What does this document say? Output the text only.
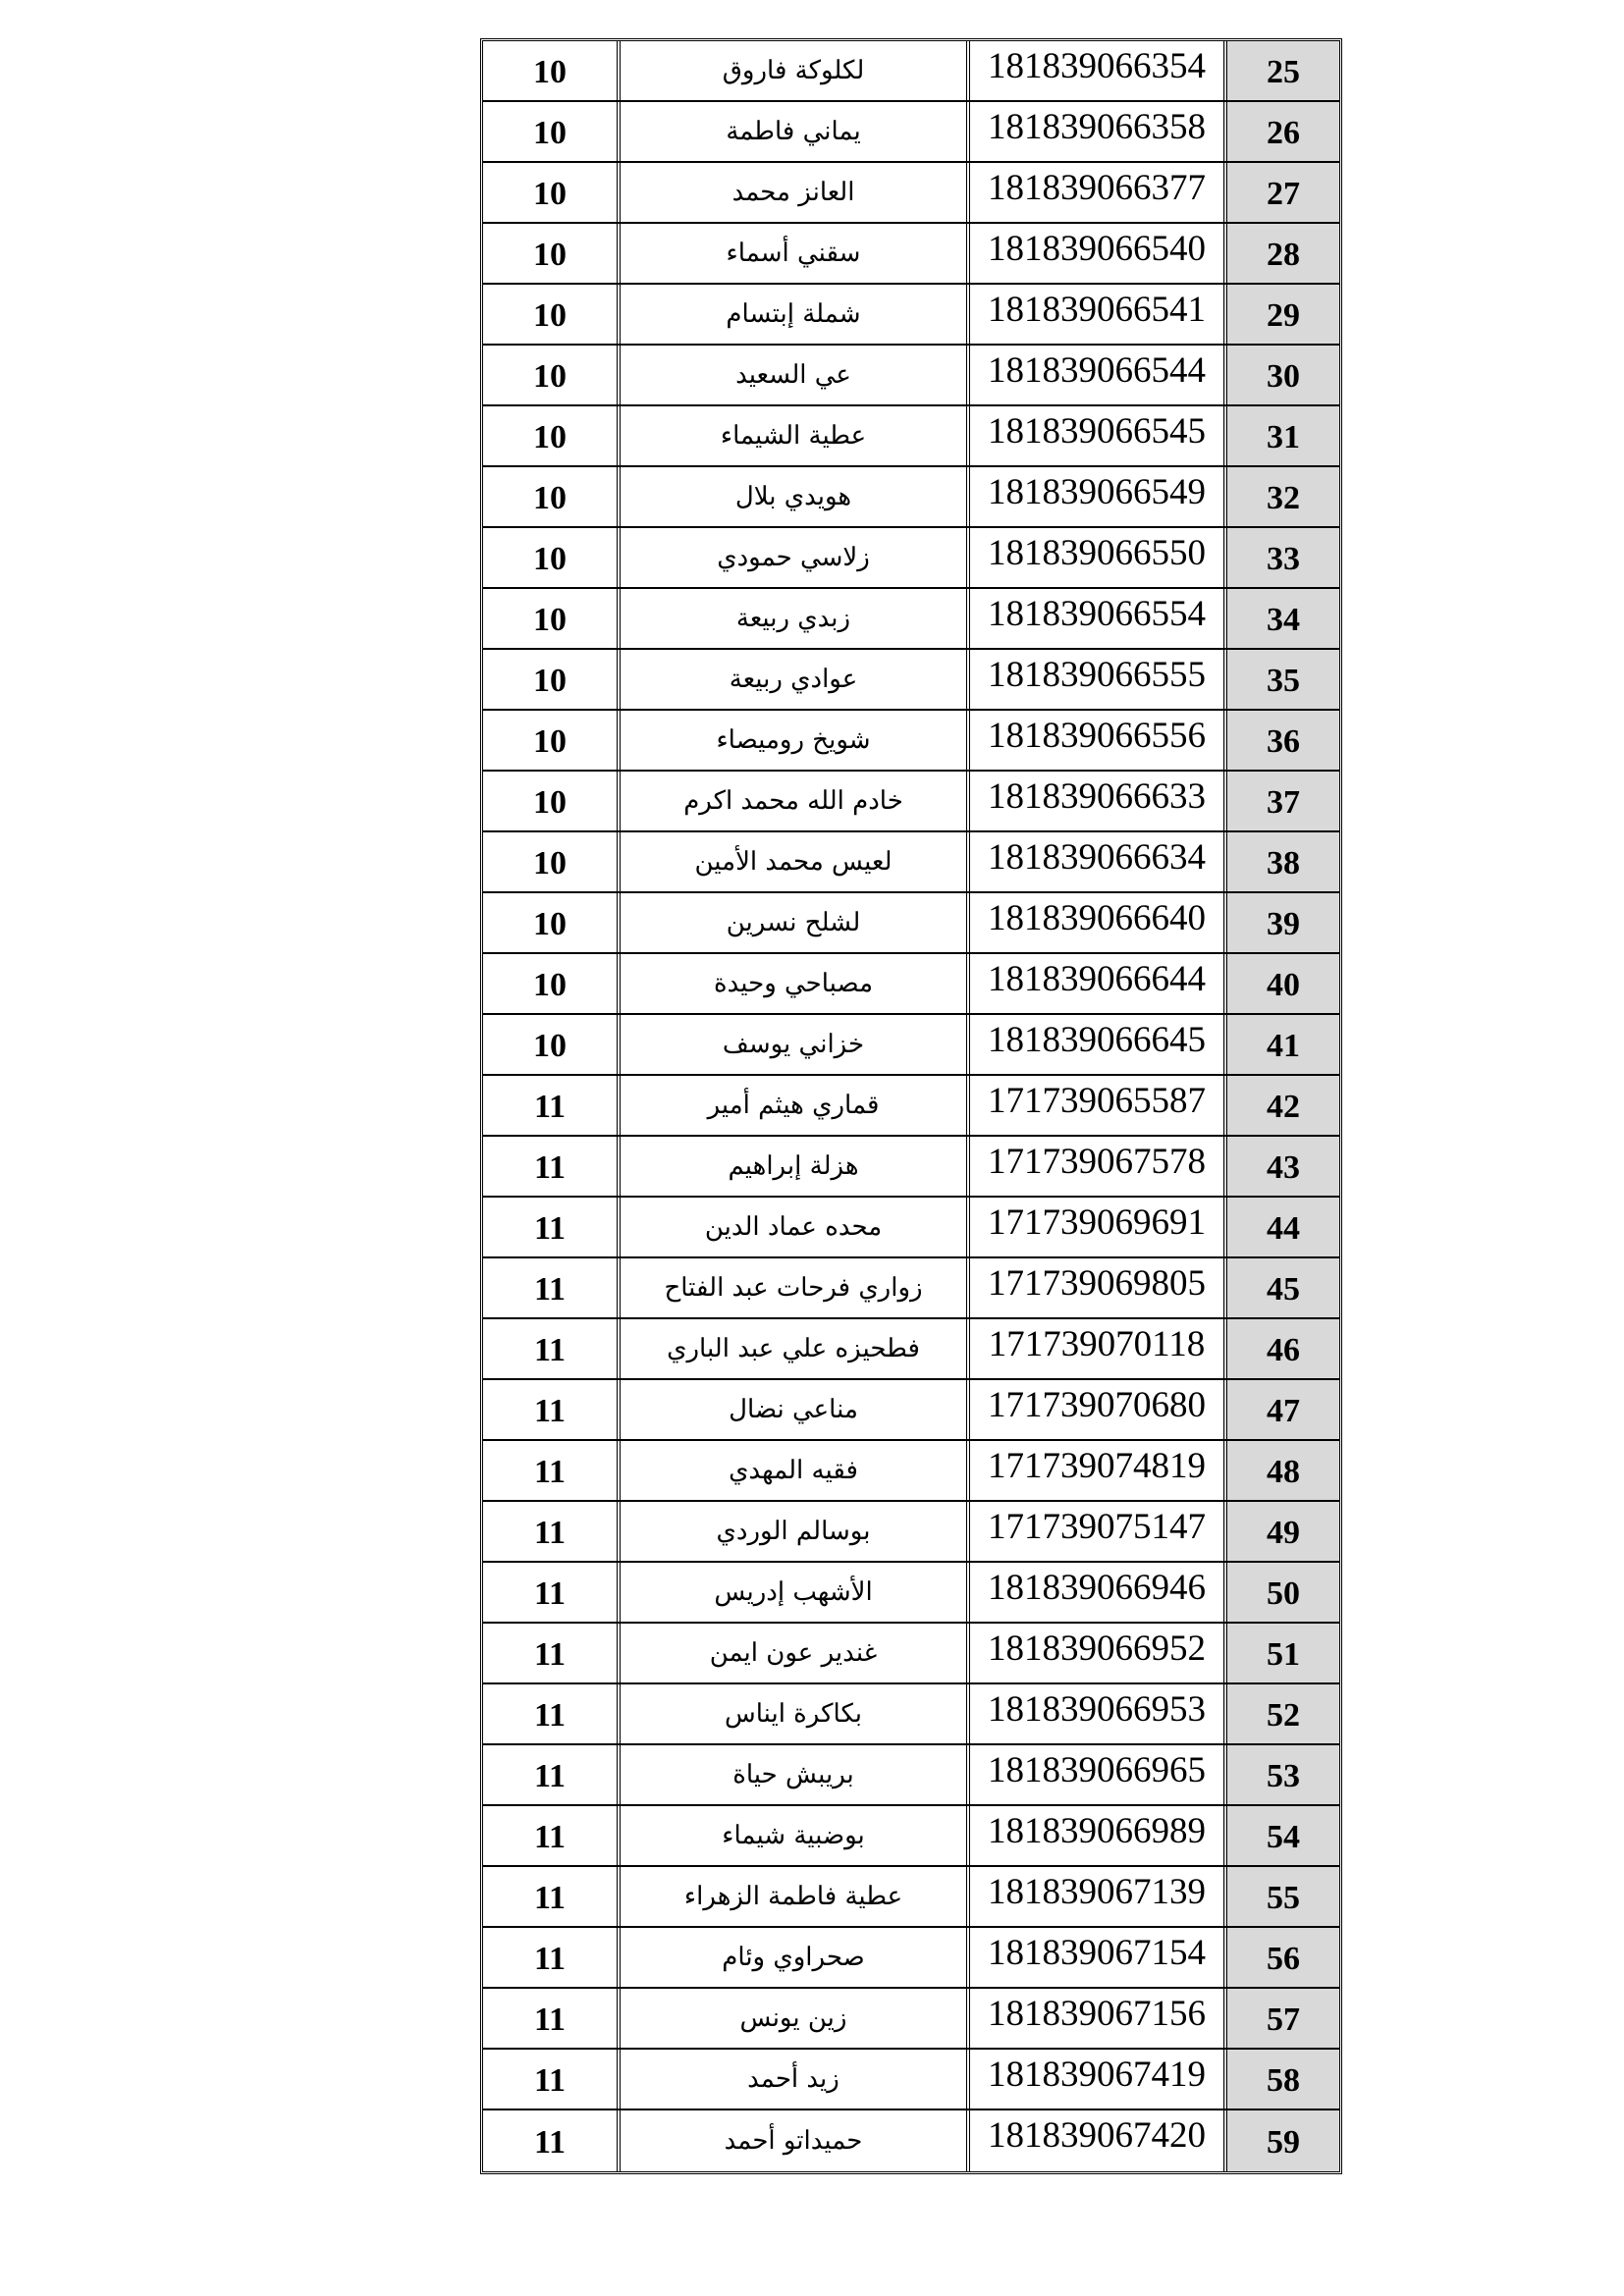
25
181839066354
لكلوكة فاروق
10
26
181839066358
يماني فاطمة
10
27
181839066377
العانز محمد
10
28
181839066540
سقني أسماء
10
29
181839066541
شملة إبتسام
10
30
181839066544
عي السعيد
10
31
181839066545
عطية الشيماء
10
32
181839066549
هويدي بلال
10
33
181839066550
زلاسي حمودي
10
34
181839066554
زبدي ربيعة
10
35
181839066555
عوادي ربيعة
10
36
181839066556
شويخ روميصاء
10
37
181839066633
خادم الله محمد اكرم
10
38
181839066634
لعيس محمد الأمين
10
39
181839066640
لشلح نسرين
10
40
181839066644
مصباحي وحيدة
10
41
181839066645
خزاني يوسف
10
42
171739065587
قماري هيثم أمير
11
43
171739067578
هزلة إبراهيم
11
44
171739069691
محده عماد الدين
11
45
171739069805
زواري فرحات عبد الفتاح
11
46
171739070118
فطحيزه علي عبد الباري
11
47
171739070680
مناعي نضال
11
48
171739074819
فقيه المهدي
11
49
171739075147
بوسالم الوردي
11
50
181839066946
الأشهب إدريس
11
51
181839066952
غندير عون ايمن
11
52
181839066953
بكاكرة ايناس
11
53
181839066965
بريبش حياة
11
54
181839066989
بوضبية شيماء
11
55
181839067139
عطية فاطمة الزهراء
11
56
181839067154
صحراوي وئام
11
57
181839067156
زين يونس
11
58
181839067419
زيد أحمد
11
59
181839067420
حميداتو أحمد
11
